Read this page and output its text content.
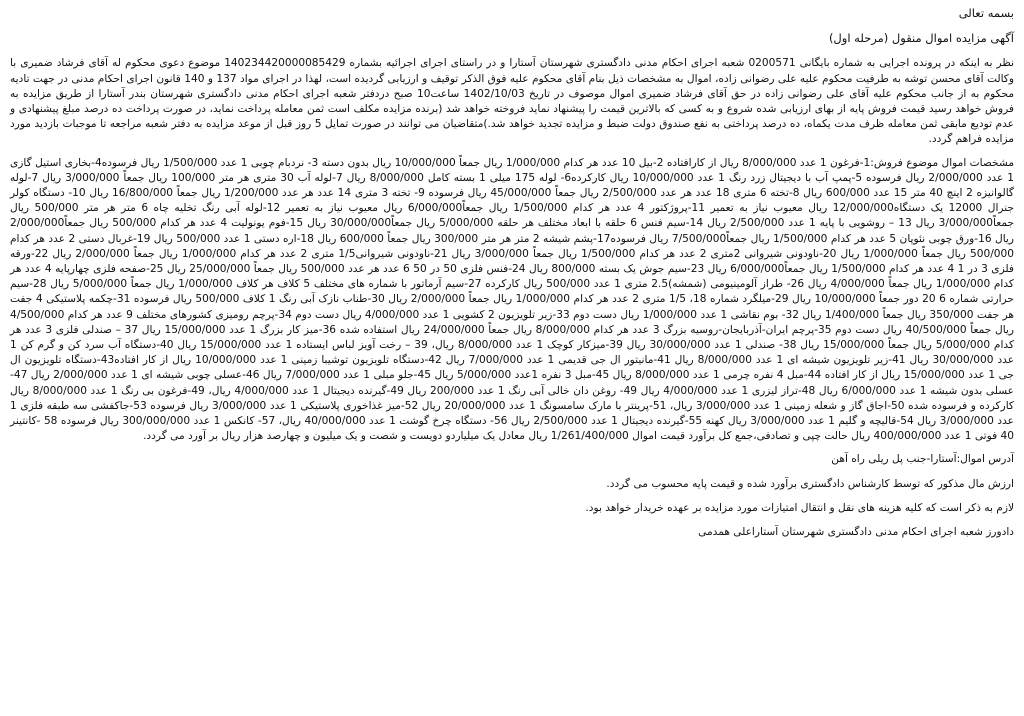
بسمه تعالی
آگهی مزایده اموال منقول (مرحله اول)

نظر به اینکه در پرونده اجرایی به شماره بایگانی 0200571 شعبه اجرای احکام مدنی دادگستری شهرستان آستارا و در راستای اجرای اجرائیه بشماره 140234420000085429 موضوع دعوی محکوم له آقای فرشاد ضمیری با وکالت آقای محسن توشه به طرفیت محکوم علیه علی رضوانی زاده، اموال به مشخصات ذیل بنام آقای محکوم علیه فوق الذکر توقیف و ارزیابی گردیده است، لهذا در اجرای مواد 137 و 140 قانون اجرای احکام مدنی در جهت تادیه محکوم به از جانب محکوم علیه آقای علی رضوانی زاده در حق آقای فرشاد ضمیری اموال موصوف در تاریخ 1402/10/03 ساعت10 صبح دردفتر شعبه اجرای احکام مدنی دادگستری شهرستان بندر آستارا از طریق مزایده به فروش خواهد رسید قیمت فروش پایه از بهای ارزیابی شده شروع و به کسی که بالاترین قیمت را پیشنهاد نماید فروخته خواهد شد (برنده مزایده مکلف است ثمن معامله پرداخت نماید، در صورت پرداخت ده درصد مبلغ پیشنهادی و عدم تودیع مابقی ثمن معامله ظرف مدت یکماه، ده درصد پرداختی به نفع صندوق دولت ضبط و مزایده تجدید خواهد شد.)متقاضیان می توانند در صورت تمایل 5 روز قبل از موعد مزایده به دفتر شعبه مراجعه تا موجبات بازدید مورد مزایده فراهم گردد.

مشخصات اموال موضوع فروش:1-فرغون 1 عدد 8/000/000 ریال از کارافتاده 2-بیل 10 عدد هر کدام 1/000/000 ریال جمعاً 10/000/000 ریال بدون دسته 3- نردبام چوبی 1 عدد 1/500/000 ریال فرسوده4-بخاری استیل گازی 1 عدد 2/000/000 ریال فرسوده 5-پمپ آب با دیجیتال زرد رنگ 1 عدد 10/000/000 ریال کارکرده6- لوله 175 میلی 1 بسته کامل 8/000/000 ریال 7-لوله آب 30 متری هر متر 100/000 ریال جمعاً 3/000/000 ریال 7-لوله گالوانیزه 2 اینچ 40 متر 15 عدد 600/000 ریال 8-تخته 6 متری 18 عدد هر عدد 2/500/000 ریال جمعاً 45/000/000 ریال فرسوده 9- تخته 3 متری 14 عدد هر عدد 1/200/000 ریال جمعاً 16/800/000 ریال 10- دستگاه کولر جنرال 12000 یک دستگاه12/000/000 ریال معیوب نیاز به تعمیر 11-پروژکتور 4 عدد هر کدام 1/500/000 ریال جمعاً6/000/000 ریال معیوب نیاز به تعمیر 12-لوله آبی رنگ تخلیه چاه 6 متر هر متر 500/000 ریال جمعاً3/000/000 ریال 13 – روشویی با پایه 1 عدد 2/500/000 ریال 14-سیم فنس 6 حلقه با ابعاد مختلف هر حلقه 5/000/000 ریال جمعاً30/000/000 ریال 15-فوم یونولیت 4 عدد هر کدام 500/000 ریال جمعاً2/000/000 ریال 16-ورق چوبی نئوپان 5 عدد هر کدام 1/500/000 ریال جمعاً7/500/000 ریال فرسوده17-پشم شیشه 2 متر هر متر 300/000 ریال جمعاً 600/000 ریال 18-اره دستی 1 عدد 500/000 ریال 19-غربال دستی 2 عدد هر کدام 500/000 ریال جمعاً 1/000/000 ریال 20-ناودونی شیروانی 2متری 2 عدد هر کدام 1/500/000 ریال جمعاً 3/000/000 ریال 21-ناودونی شیروانی1/5 متری 2 عدد هر کدام 1/000/000 ریال جمعاً 2/000/000 ریال 22-ورقه فلزی 3 در 1 4 عدد هر کدام 1/500/000 ریال جمعاً6/000/000 ریال 23-سیم جوش یک بسته 800/000 ریال 24-فنس فلزی 50 در 50 6 عدد هر عدد 500/000 ریال جمعاً 25/000/000 ریال 25-صفحه فلزی چهارپایه 4 عدد هر کدام 1/000/000 ریال جمعاً 4/000/000 ریال 26- طراز آلومینیومی (شمشه)2.5 متری 1 عدد 500/000 ریال کارکرده 27-سیم آرماتور با شماره های مختلف 5 کلاف هر کلاف 1/000/000 ریال جمعاً 5/000/000 ریال 28-سیم حرارتی شماره 6 20 دور جمعاً 10/000/000 ریال 29-میلگرد شماره 18، 1/5 متری 2 عدد هر کدام 1/000/000 ریال جمعاً 2/000/000 ریال 30-طناب نازک آبی رنگ 1 کلاف 500/000 ریال فرسوده 31-چکمه پلاستیکی 4 جفت هر جفت 350/000 ریال جمعاً 1/400/000 ریال 32- بوم نقاشی 1 عدد 1/000/000 ریال دست دوم 33-زیر تلویزیون 2 کشویی 1 عدد 4/000/000 ریال دست دوم 34-پرچم رومیزی کشورهای مختلف 9 عدد هر کدام 4/500/000 ریال جمعاً 40/500/000 ریال دست دوم 35-پرچم ایران-آذربایجان-روسیه بزرگ 3 عدد هر کدام 8/000/000 ریال جمعاً 24/000/000 ریال استفاده شده 36-میز کار بزرگ 1 عدد 15/000/000 ریال 37 – صندلی فلزی 3 عدد هر کدام 5/000/000 ریال جمعاً 15/000/000 ریال 38- صندلی 1 عدد 30/000/000 ریال 39-میزکار کوچک 1 عدد 8/000/000 ریال، 39 – رخت آویز لباس ایستاده 1 عدد 15/000/000 ریال 40-دستگاه آب سرد کن و گرم کن 1 عدد 30/000/000 ریال 41-زیر تلویزیون شیشه ای 1 عدد 8/000/000 ریال 41-مانیتور ال جی قدیمی 1 عدد 7/000/000 ریال 42-دستگاه تلویزیون توشیبا زمینی 1 عدد 10/000/000 ریال از کار افتاده43-دستگاه تلویزیون ال جی 1 عدد 15/000/000 ریال از کار افتاده 44-مبل 4 نفره چرمی 1 عدد 8/000/000 ریال 45-مبل 3 نفره 1عدد 5/000/000 ریال 45-جلو مبلی 1 عدد 7/000/000 ریال 46-عسلی چوبی شیشه ای 1 عدد 2/000/000 ریال 47-عسلی بدون شیشه 1 عدد 6/000/000 ریال 48-تراز لیزری 1 عدد 4/000/000 ریال 49- روغن دان خالی آبی رنگ 1 عدد 200/000 ریال 49-گیرنده دیجیتال 1 عدد 4/000/000 ریال، 49-فرغون بی رنگ 1 عدد 8/000/000 ریال کارکرده و فرسوده شده 50-اجاق گاز و شعله زمینی 1 عدد 3/000/000 ریال، 51-پرینتر با مارک سامسونگ 1 عدد 20/000/000 ریال 52-میز غذاخوری پلاستیکی 1 عدد 3/000/000 ریال فرسوده 53-جاکفشی سه طبقه فلزی 1 عدد 3/000/000 ریال 54-قالیچه و گلیم 1 عدد 3/000/000 ریال کهنه 55-گیرنده دیجیتال 1 عدد 2/500/000 ریال 56- دستگاه چرخ گوشت 1 عدد 40/000/000 ریال، 57- کانکس 1 عدد 300/000/000 ریال فرسوده 58 -کانتینر 40 فوتی 1 عدد 400/000/000 ریال حالت چپی و تصادفی،جمع کل برآورد قیمت اموال 1/261/400/000 ریال معادل یک میلیاردو دویست و شصت و یک میلیون و چهارصد هزار ریال بر آورد می گردد.

آدرس اموال:آستارا-جنب پل ریلی راه آهن
ارزش مال مذکور که توسط کارشناس دادگستری برآورد شده و قیمت پایه محسوب می گردد.
لازم به ذکر است که کلیه هزینه های نقل و انتقال امتیازات مورد مزایده بر عهده خریدار خواهد بود.
دادورز شعبه اجرای احکام مدنی دادگستری شهرستان آستاراعلی همدمی
